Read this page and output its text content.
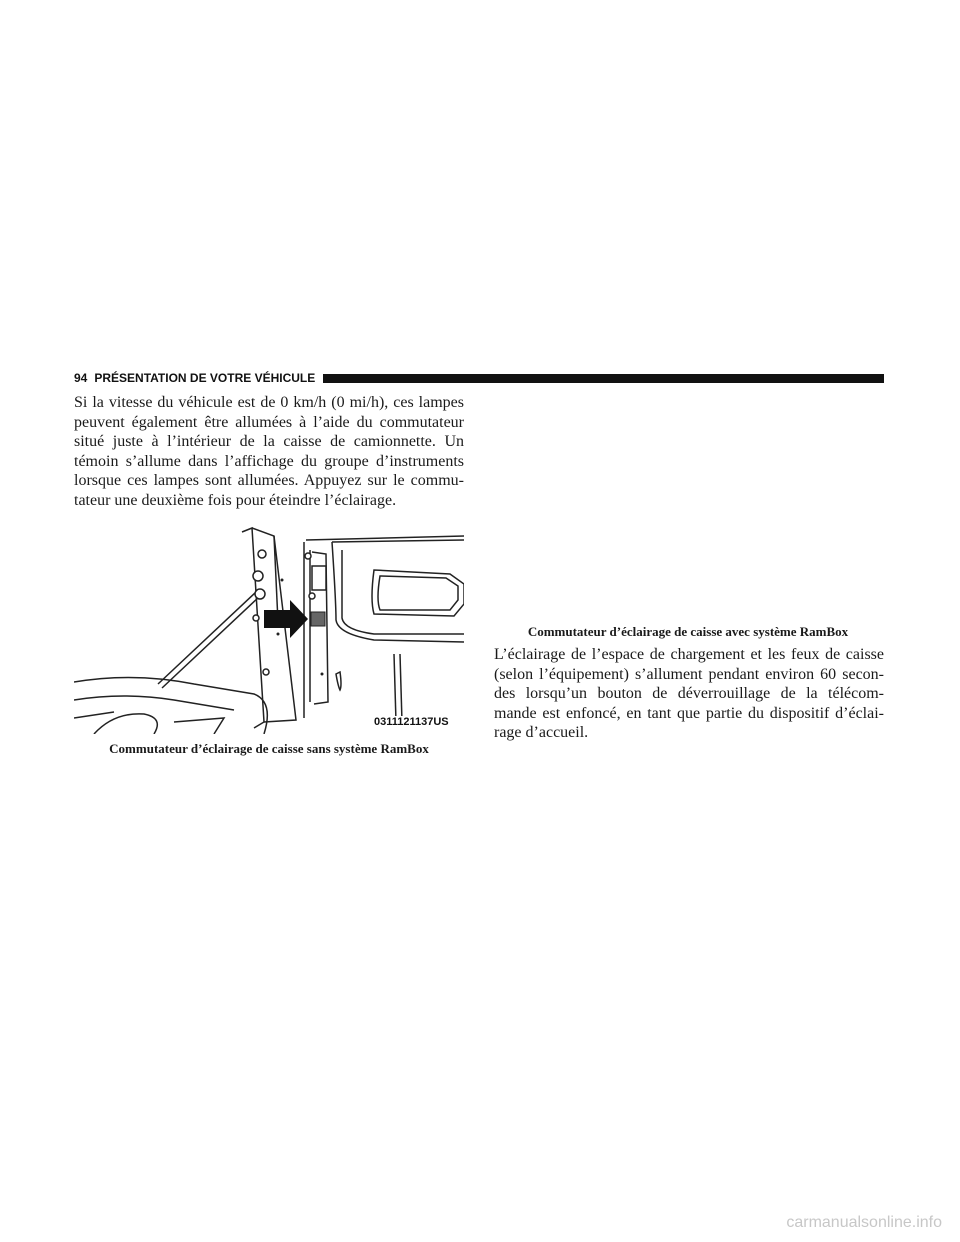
94 PRÉSENTATION DE VOTRE VÉHICULE
Si la vitesse du véhicule est de 0 km/h (0 mi/h), ces lampes
peuvent également être allumées à l’aide du commutateur
situé juste à l’intérieur de la caisse de camionnette. Un
témoin s’allume dans l’affichage du groupe d’instruments
lorsque ces lampes sont allumées. Appuyez sur le commu-
tateur une deuxième fois pour éteindre l’éclairage.
0311121137US
Commutateur d’éclairage de caisse sans système RamBox
Commutateur d’éclairage de caisse avec système RamBox
L’éclairage de l’espace de chargement et les feux de caisse
(selon l’équipement) s’allument pendant environ 60 secon-
des lorsqu’un bouton de déverrouillage de la télécom-
mande est enfoncé, en tant que partie du dispositif d’éclai-
rage d’accueil.
carmanualsonline.info
